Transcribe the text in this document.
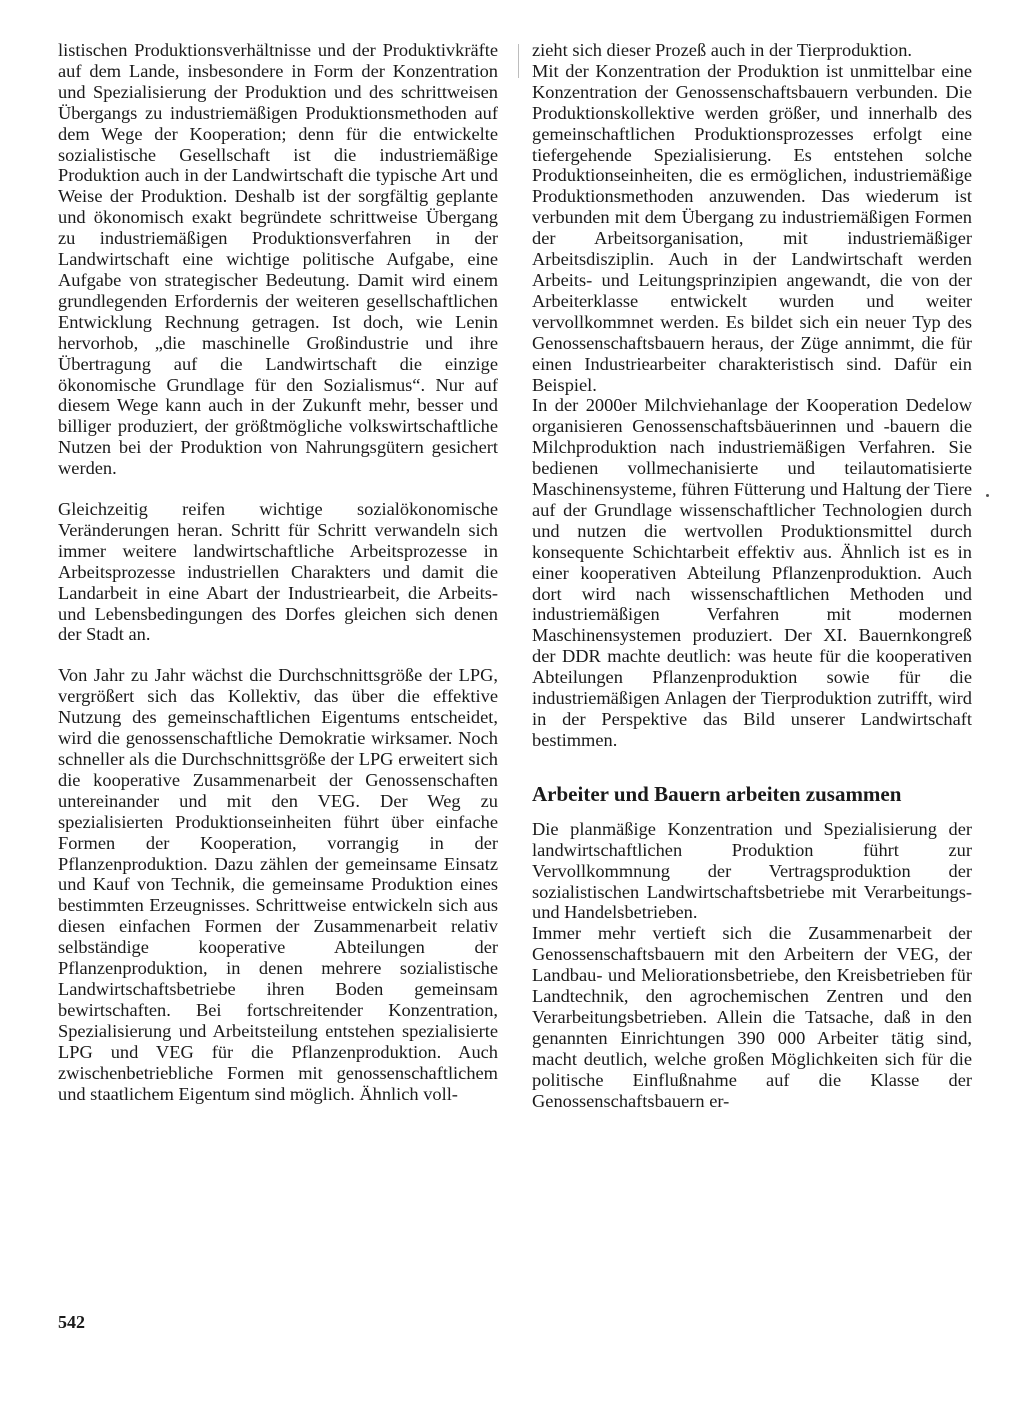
listischen Produktionsverhältnisse und der Produktivkräfte auf dem Lande, insbesondere in Form der Konzentration und Spezialisierung der Produktion und des schrittweisen Übergangs zu industriemäßigen Produktionsmethoden auf dem Wege der Kooperation; denn für die entwickelte sozialistische Gesellschaft ist die industriemäßige Produktion auch in der Landwirtschaft die typische Art und Weise der Produktion. Deshalb ist der sorgfältig geplante und ökonomisch exakt begründete schrittweise Übergang zu industriemäßigen Produktionsverfahren in der Landwirtschaft eine wichtige politische Aufgabe, eine Aufgabe von strategischer Bedeutung. Damit wird einem grundlegenden Erfordernis der weiteren gesellschaftlichen Entwicklung Rechnung getragen. Ist doch, wie Lenin hervorhob, „die maschinelle Großindustrie und ihre Übertragung auf die Landwirtschaft die einzige ökonomische Grundlage für den Sozialismus“. Nur auf diesem Wege kann auch in der Zukunft mehr, besser und billiger produziert, der größtmögliche volkswirtschaftliche Nutzen bei der Produktion von Nahrungsgütern gesichert werden.

Gleichzeitig reifen wichtige sozialökonomische Veränderungen heran. Schritt für Schritt verwandeln sich immer weitere landwirtschaftliche Arbeitsprozesse in Arbeitsprozesse industriellen Charakters und damit die Landarbeit in eine Abart der Industriearbeit, die Arbeits- und Lebensbedingungen des Dorfes gleichen sich denen der Stadt an.

Von Jahr zu Jahr wächst die Durchschnittsgröße der LPG, vergrößert sich das Kollektiv, das über die effektive Nutzung des gemeinschaftlichen Eigentums entscheidet, wird die genossenschaftliche Demokratie wirksamer. Noch schneller als die Durchschnittsgröße der LPG erweitert sich die kooperative Zusammenarbeit der Genossenschaften untereinander und mit den VEG. Der Weg zu spezialisierten Produktionseinheiten führt über einfache Formen der Kooperation, vorrangig in der Pflanzenproduktion. Dazu zählen der gemeinsame Einsatz und Kauf von Technik, die gemeinsame Produktion eines bestimmten Erzeugnisses. Schrittweise entwickeln sich aus diesen einfachen Formen der Zusammenarbeit relativ selbständige kooperative Abteilungen der Pflanzenproduktion, in denen mehrere sozialistische Landwirtschaftsbetriebe ihren Boden gemeinsam bewirtschaften. Bei fortschreitender Konzentration, Spezialisierung und Arbeitsteilung entstehen spezialisierte LPG und VEG für die Pflanzenproduktion. Auch zwischenbetriebliche Formen mit genossenschaftlichem und staatlichem Eigentum sind möglich. Ähnlich voll-

zieht sich dieser Prozeß auch in der Tierproduktion.

Mit der Konzentration der Produktion ist unmittelbar eine Konzentration der Genossenschaftsbauern verbunden. Die Produktionskollektive werden größer, und innerhalb des gemeinschaftlichen Produktionsprozesses erfolgt eine tiefergehende Spezialisierung. Es entstehen solche Produktionseinheiten, die es ermöglichen, industriemäßige Produktionsmethoden anzuwenden. Das wiederum ist verbunden mit dem Übergang zu industriemäßigen Formen der Arbeitsorganisation, mit industriemäßiger Arbeitsdisziplin. Auch in der Landwirtschaft werden Arbeits- und Leitungsprinzipien angewandt, die von der Arbeiterklasse entwickelt wurden und weiter vervollkommnet werden. Es bildet sich ein neuer Typ des Genossenschaftsbauern heraus, der Züge annimmt, die für einen Industriearbeiter charakteristisch sind. Dafür ein Beispiel.

In der 2000er Milchviehanlage der Kooperation Dedelow organisieren Genossenschaftsbäuerinnen und -bauern die Milchproduktion nach industriemäßigen Verfahren. Sie bedienen vollmechanisierte und teilautomatisierte Maschinensysteme, führen Fütterung und Haltung der Tiere auf der Grundlage wissenschaftlicher Technologien durch und nutzen die wertvollen Produktionsmittel durch konsequente Schichtarbeit effektiv aus. Ähnlich ist es in einer kooperativen Abteilung Pflanzenproduktion. Auch dort wird nach wissenschaftlichen Methoden und industriemäßigen Verfahren mit modernen Maschinensystemen produziert. Der XI. Bauernkongreß der DDR machte deutlich: was heute für die kooperativen Abteilungen Pflanzenproduktion sowie für die industriemäßigen Anlagen der Tierproduktion zutrifft, wird in der Perspektive das Bild unserer Landwirtschaft bestimmen.

Arbeiter und Bauern arbeiten zusammen

Die planmäßige Konzentration und Spezialisierung der landwirtschaftlichen Produktion führt zur Vervollkommnung der Vertragsproduktion der sozialistischen Landwirtschaftsbetriebe mit Verarbeitungs- und Handelsbetrieben.

Immer mehr vertieft sich die Zusammenarbeit der Genossenschaftsbauern mit den Arbeitern der VEG, der Landbau- und Meliorationsbetriebe, den Kreisbetrieben für Landtechnik, den agrochemischen Zentren und den Verarbeitungsbetrieben. Allein die Tatsache, daß in den genannten Einrichtungen 390 000 Arbeiter tätig sind, macht deutlich, welche großen Möglichkeiten sich für die politische Einflußnahme auf die Klasse der Genossenschaftsbauern er-

542
